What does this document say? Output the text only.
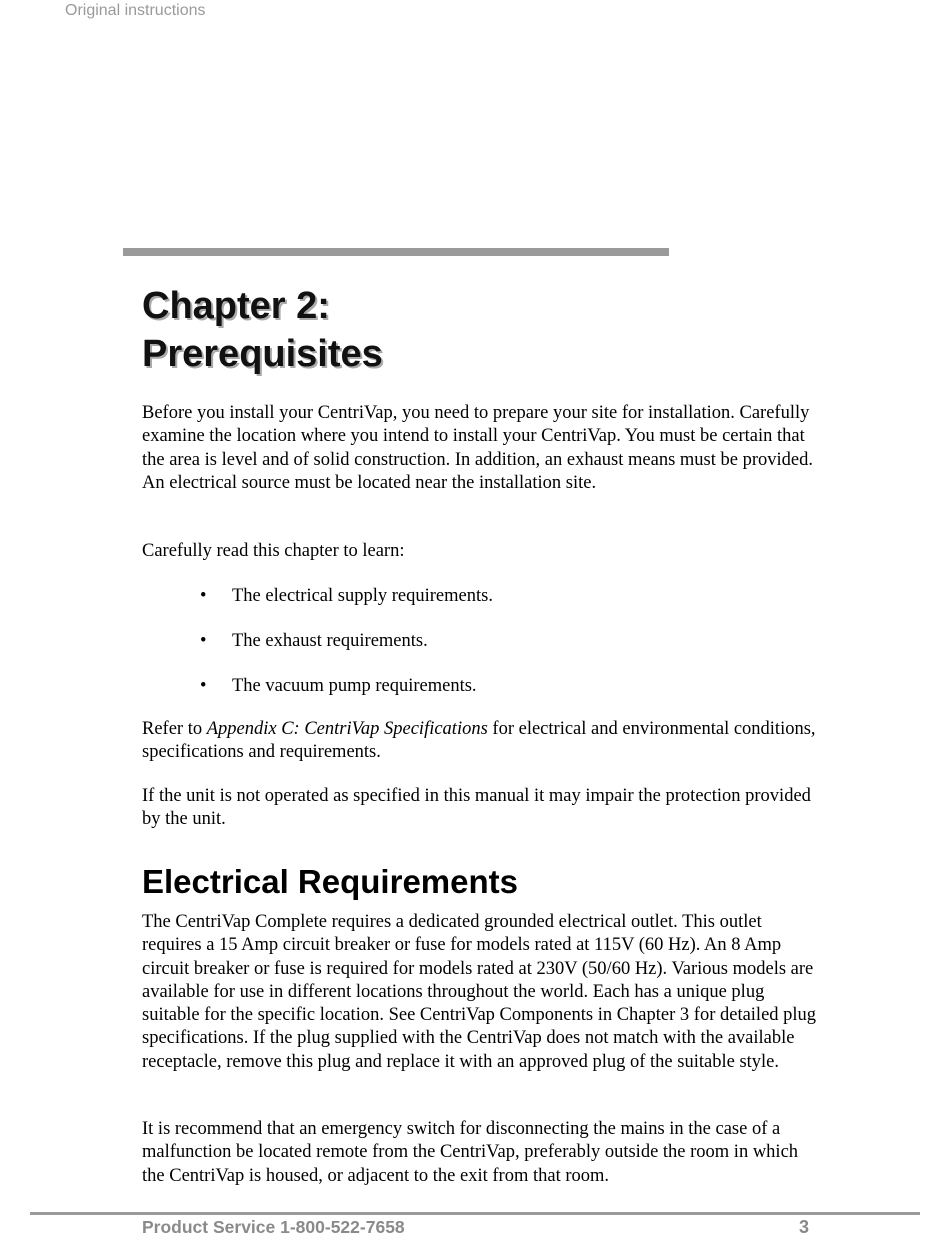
Original instructions
Chapter 2:
Prerequisites

Before you install your CentriVap, you need to prepare your site for installation. Carefully examine the location where you intend to install your CentriVap. You must be certain that the area is level and of solid construction. In addition, an exhaust means must be provided. An electrical source must be located near the installation site.

Carefully read this chapter to learn:

•	The electrical supply requirements.
•	The exhaust requirements.
•	The vacuum pump requirements.

Refer to Appendix C: CentriVap Specifications for electrical and environmental conditions, specifications and requirements.

If the unit is not operated as specified in this manual it may impair the protection provided by the unit.

Electrical Requirements

The CentriVap Complete requires a dedicated grounded electrical outlet. This outlet requires a 15 Amp circuit breaker or fuse for models rated at 115V (60 Hz). An 8 Amp circuit breaker or fuse is required for models rated at 230V (50/60 Hz). Various models are available for use in different locations throughout the world. Each has a unique plug suitable for the specific location. See CentriVap Components in Chapter 3 for detailed plug specifications. If the plug supplied with the CentriVap does not match with the available receptacle, remove this plug and replace it with an approved plug of the suitable style.

It is recommend that an emergency switch for disconnecting the mains in the case of a malfunction be located remote from the CentriVap, preferably outside the room in which the CentriVap is housed, or adjacent to the exit from that room.

Product Service 1-800-522-7658	3
